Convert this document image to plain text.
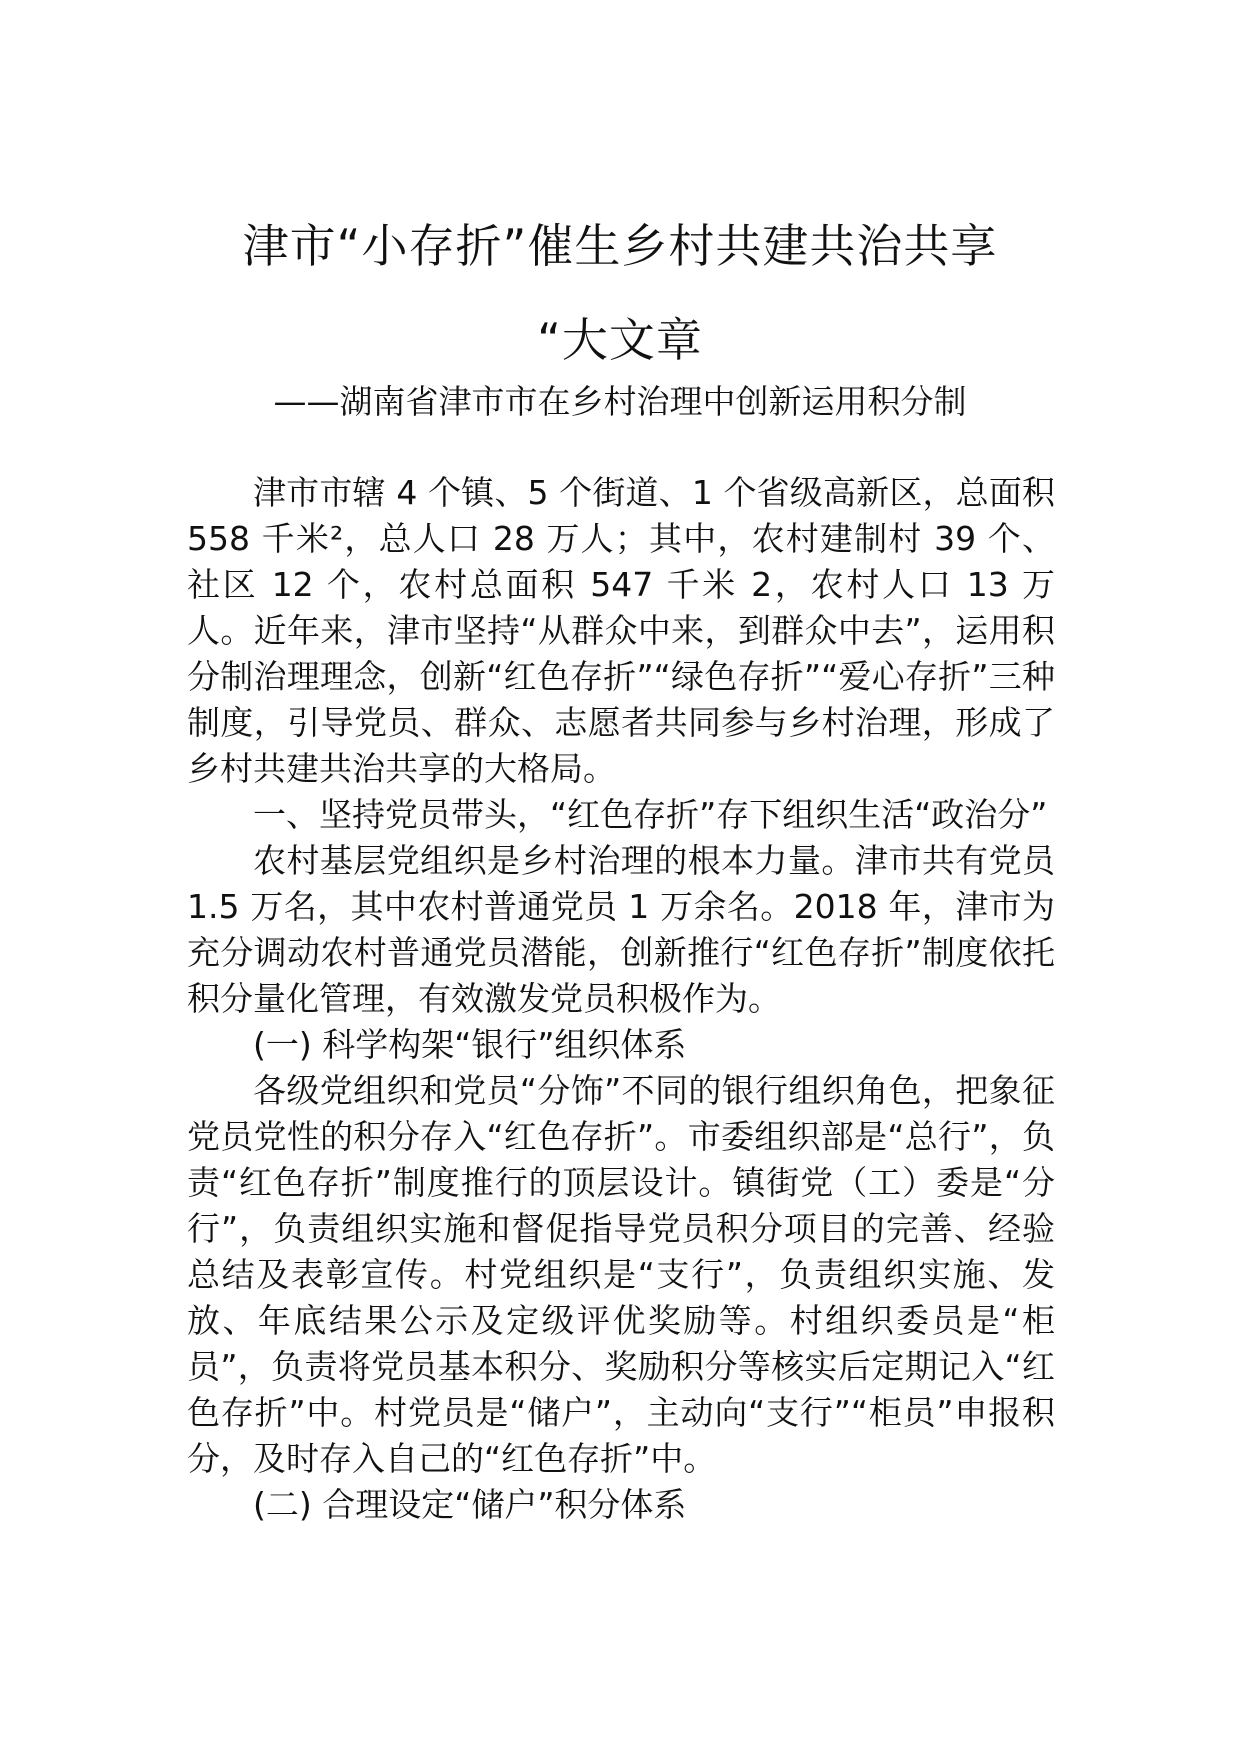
津市“小存折”催生乡村共建共治共享
“大文章
——湖南省津市市在乡村治理中创新运用积分制

津市市辖 4 个镇、5 个街道、1 个省级高新区，总面积 558 千米²，总人口 28 万人；其中，农村建制村 39 个、社区 12 个，农村总面积 547 千米 2，农村人口 13 万人。近年来，津市坚持“从群众中来，到群众中去”，运用积分制治理理念，创新“红色存折”“绿色存折”“爱心存折”三种制度，引导党员、群众、志愿者共同参与乡村治理，形成了乡村共建共治共享的大格局。

一、坚持党员带头，“红色存折”存下组织生活“政治分”

农村基层党组织是乡村治理的根本力量。津市共有党员 1.5 万名，其中农村普通党员 1 万余名。2018 年，津市为充分调动农村普通党员潜能，创新推行“红色存折”制度依托积分量化管理，有效激发党员积极作为。

(一) 科学构架“银行”组织体系

各级党组织和党员“分饰”不同的银行组织角色，把象征党员党性的积分存入“红色存折”。市委组织部是“总行”，负责“红色存折”制度推行的顶层设计。镇街党（工）委是“分行”，负责组织实施和督促指导党员积分项目的完善、经验总结及表彰宣传。村党组织是“支行”，负责组织实施、发放、年底结果公示及定级评优奖励等。村组织委员是“柜员”，负责将党员基本积分、奖励积分等核实后定期记入“红色存折”中。村党员是“储户”，主动向“支行”“柜员”申报积分，及时存入自己的“红色存折”中。

(二) 合理设定“储户”积分体系
